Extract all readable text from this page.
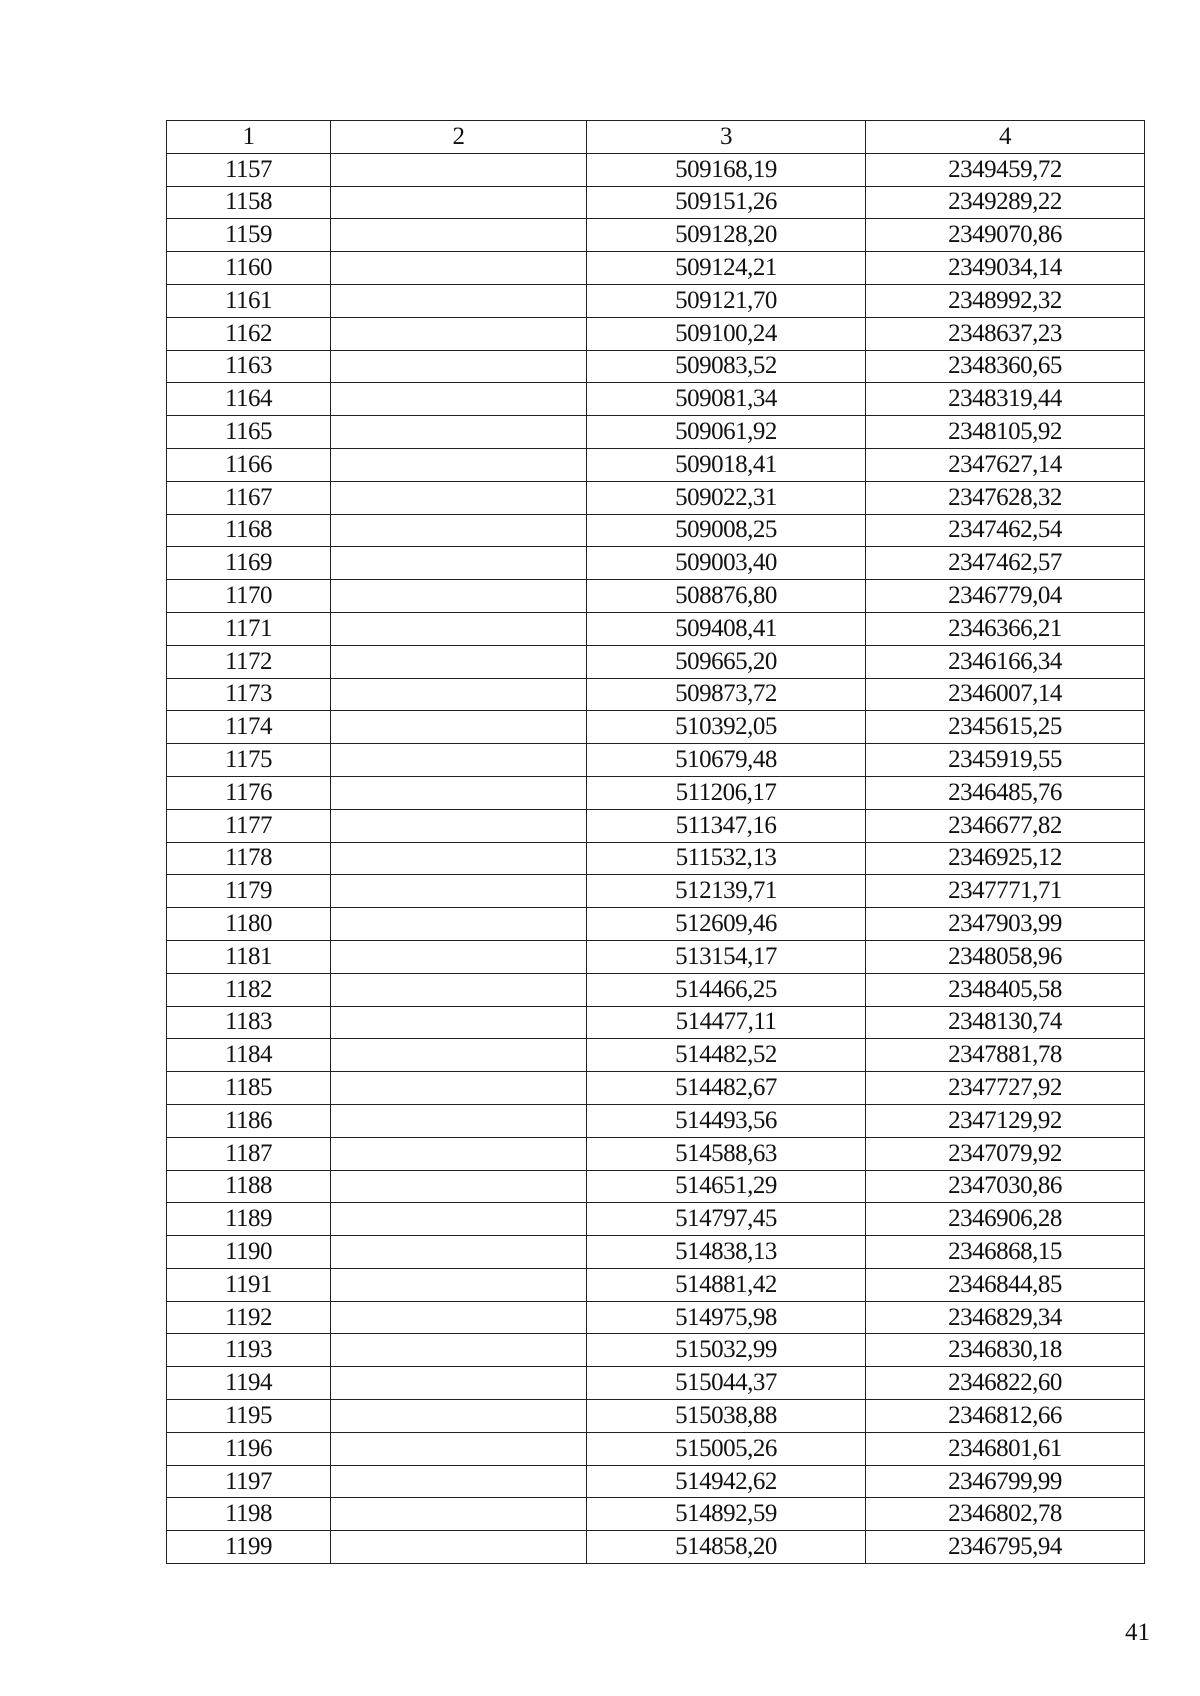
1	2	3	4
1157		509168,19	2349459,72
1158		509151,26	2349289,22
1159		509128,20	2349070,86
1160		509124,21	2349034,14
1161		509121,70	2348992,32
1162		509100,24	2348637,23
1163		509083,52	2348360,65
1164		509081,34	2348319,44
1165		509061,92	2348105,92
1166		509018,41	2347627,14
1167		509022,31	2347628,32
1168		509008,25	2347462,54
1169		509003,40	2347462,57
1170		508876,80	2346779,04
1171		509408,41	2346366,21
1172		509665,20	2346166,34
1173		509873,72	2346007,14
1174		510392,05	2345615,25
1175		510679,48	2345919,55
1176		511206,17	2346485,76
1177		511347,16	2346677,82
1178		511532,13	2346925,12
1179		512139,71	2347771,71
1180		512609,46	2347903,99
1181		513154,17	2348058,96
1182		514466,25	2348405,58
1183		514477,11	2348130,74
1184		514482,52	2347881,78
1185		514482,67	2347727,92
1186		514493,56	2347129,92
1187		514588,63	2347079,92
1188		514651,29	2347030,86
1189		514797,45	2346906,28
1190		514838,13	2346868,15
1191		514881,42	2346844,85
1192		514975,98	2346829,34
1193		515032,99	2346830,18
1194		515044,37	2346822,60
1195		515038,88	2346812,66
1196		515005,26	2346801,61
1197		514942,62	2346799,99
1198		514892,59	2346802,78
1199		514858,20	2346795,94
41
